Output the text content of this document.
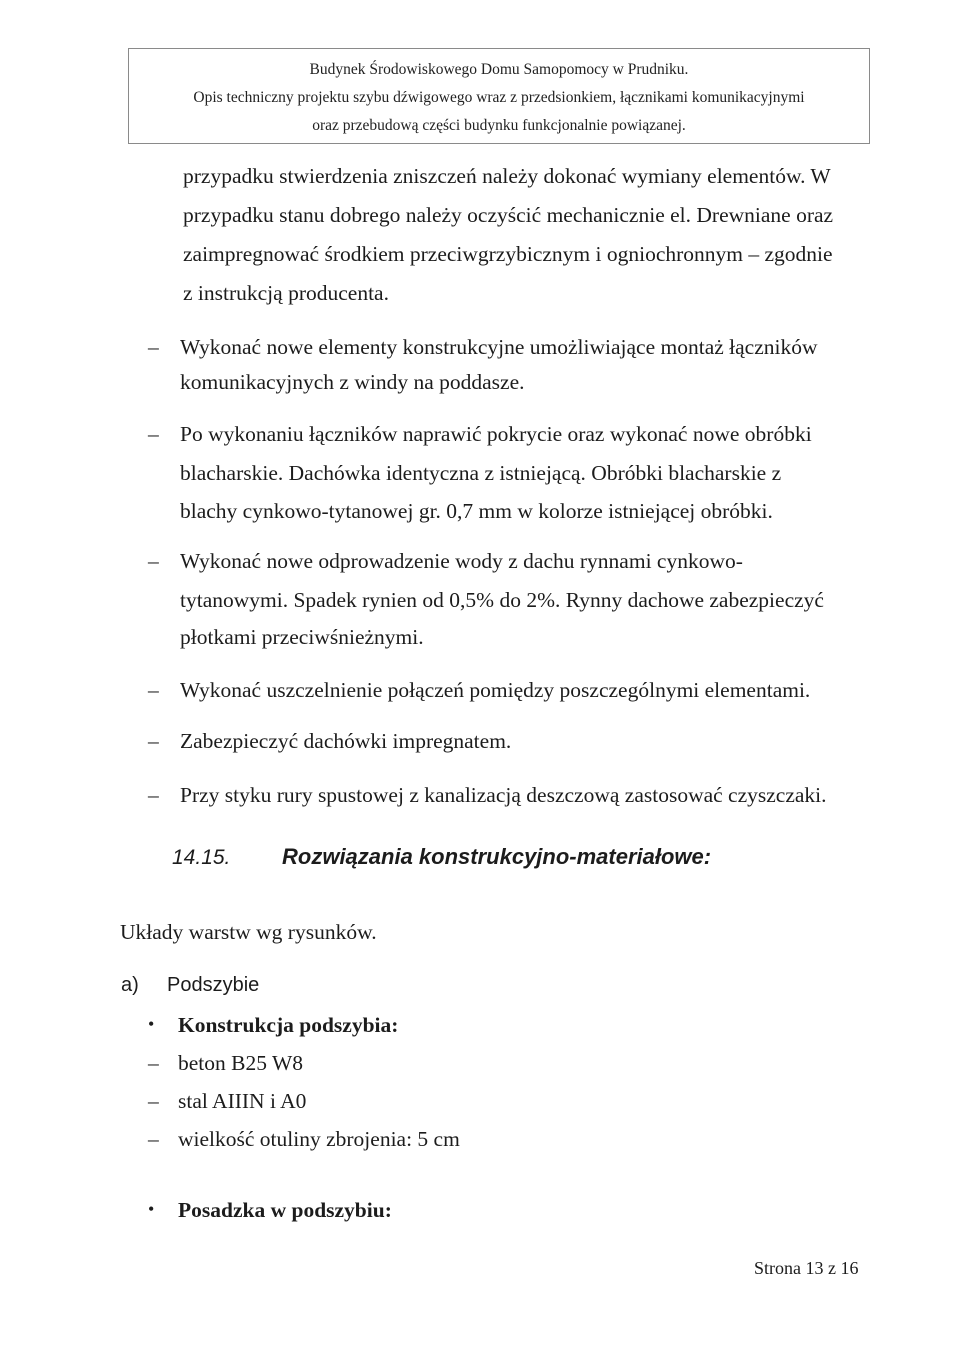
Budynek Środowiskowego Domu Samopomocy w Prudniku.
Opis techniczny projektu szybu dźwigowego wraz z przedsionkiem, łącznikami komunikacyjnymi
oraz przebudową części budynku funkcjonalnie powiązanej.
przypadku stwierdzenia zniszczeń należy dokonać wymiany elementów. W
przypadku stanu dobrego należy oczyścić mechanicznie el. Drewniane oraz
zaimpregnować środkiem przeciwgrzybicznym i ogniochronnym – zgodnie
z instrukcją producenta.
– Wykonać nowe elementy konstrukcyjne umożliwiające montaż łączników
komunikacyjnych z windy na poddasze.
– Po wykonaniu łączników naprawić pokrycie oraz wykonać nowe obróbki
blacharskie. Dachówka identyczna z istniejącą. Obróbki blacharskie z
blachy cynkowo-tytanowej gr. 0,7 mm w kolorze istniejącej obróbki.
– Wykonać nowe odprowadzenie wody z dachu rynnami cynkowo-
tytanowymi. Spadek rynien od 0,5% do 2%. Rynny dachowe zabezpieczyć
płotkami przeciwśnieżnymi.
– Wykonać uszczelnienie połączeń pomiędzy poszczególnymi elementami.
– Zabezpieczyć dachówki impregnatem.
– Przy styku rury spustowej z kanalizacją deszczową zastosować czyszczaki.
14.15. Rozwiązania konstrukcyjno-materiałowe:
Układy warstw wg rysunków.
a) Podszybie
• Konstrukcja podszybia:
– beton B25 W8
– stal AIIIN i A0
– wielkość otuliny zbrojenia: 5 cm
• Posadzka w podszybiu:
Strona 13 z 16
